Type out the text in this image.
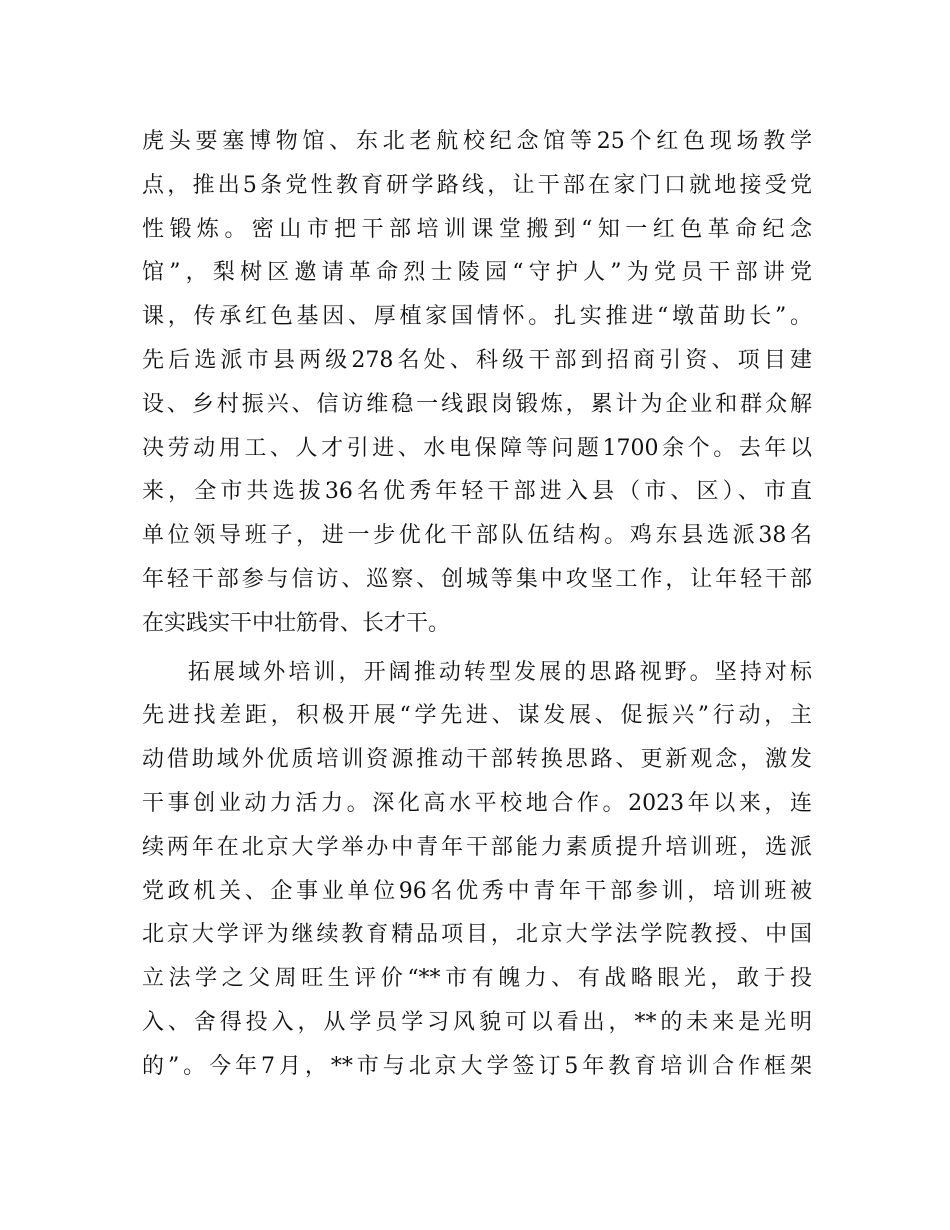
虎头要塞博物馆、东北老航校纪念馆等25个红色现场教学
点，推出5条党性教育研学路线，让干部在家门口就地接受党
性锻炼。密山市把干部培训课堂搬到“知一红色革命纪念
馆”，梨树区邀请革命烈士陵园“守护人”为党员干部讲党
课，传承红色基因、厚植家国情怀。扎实推进“墩苗助长”。
先后选派市县两级278名处、科级干部到招商引资、项目建
设、乡村振兴、信访维稳一线跟岗锻炼，累计为企业和群众解
决劳动用工、人才引进、水电保障等问题1700余个。去年以
来，全市共选拔36名优秀年轻干部进入县（市、区）、市直
单位领导班子，进一步优化干部队伍结构。鸡东县选派38名
年轻干部参与信访、巡察、创城等集中攻坚工作，让年轻干部
在实践实干中壮筋骨、长才干。
拓展域外培训，开阔推动转型发展的思路视野。坚持对标
先进找差距，积极开展“学先进、谋发展、促振兴”行动，主
动借助域外优质培训资源推动干部转换思路、更新观念，激发
干事创业动力活力。深化高水平校地合作。2023年以来，连
续两年在北京大学举办中青年干部能力素质提升培训班，选派
党政机关、企事业单位96名优秀中青年干部参训，培训班被
北京大学评为继续教育精品项目，北京大学法学院教授、中国
立法学之父周旺生评价“**市有魄力、有战略眼光，敢于投
入、舍得投入，从学员学习风貌可以看出，**的未来是光明
的”。今年7月，**市与北京大学签订5年教育培训合作框架
